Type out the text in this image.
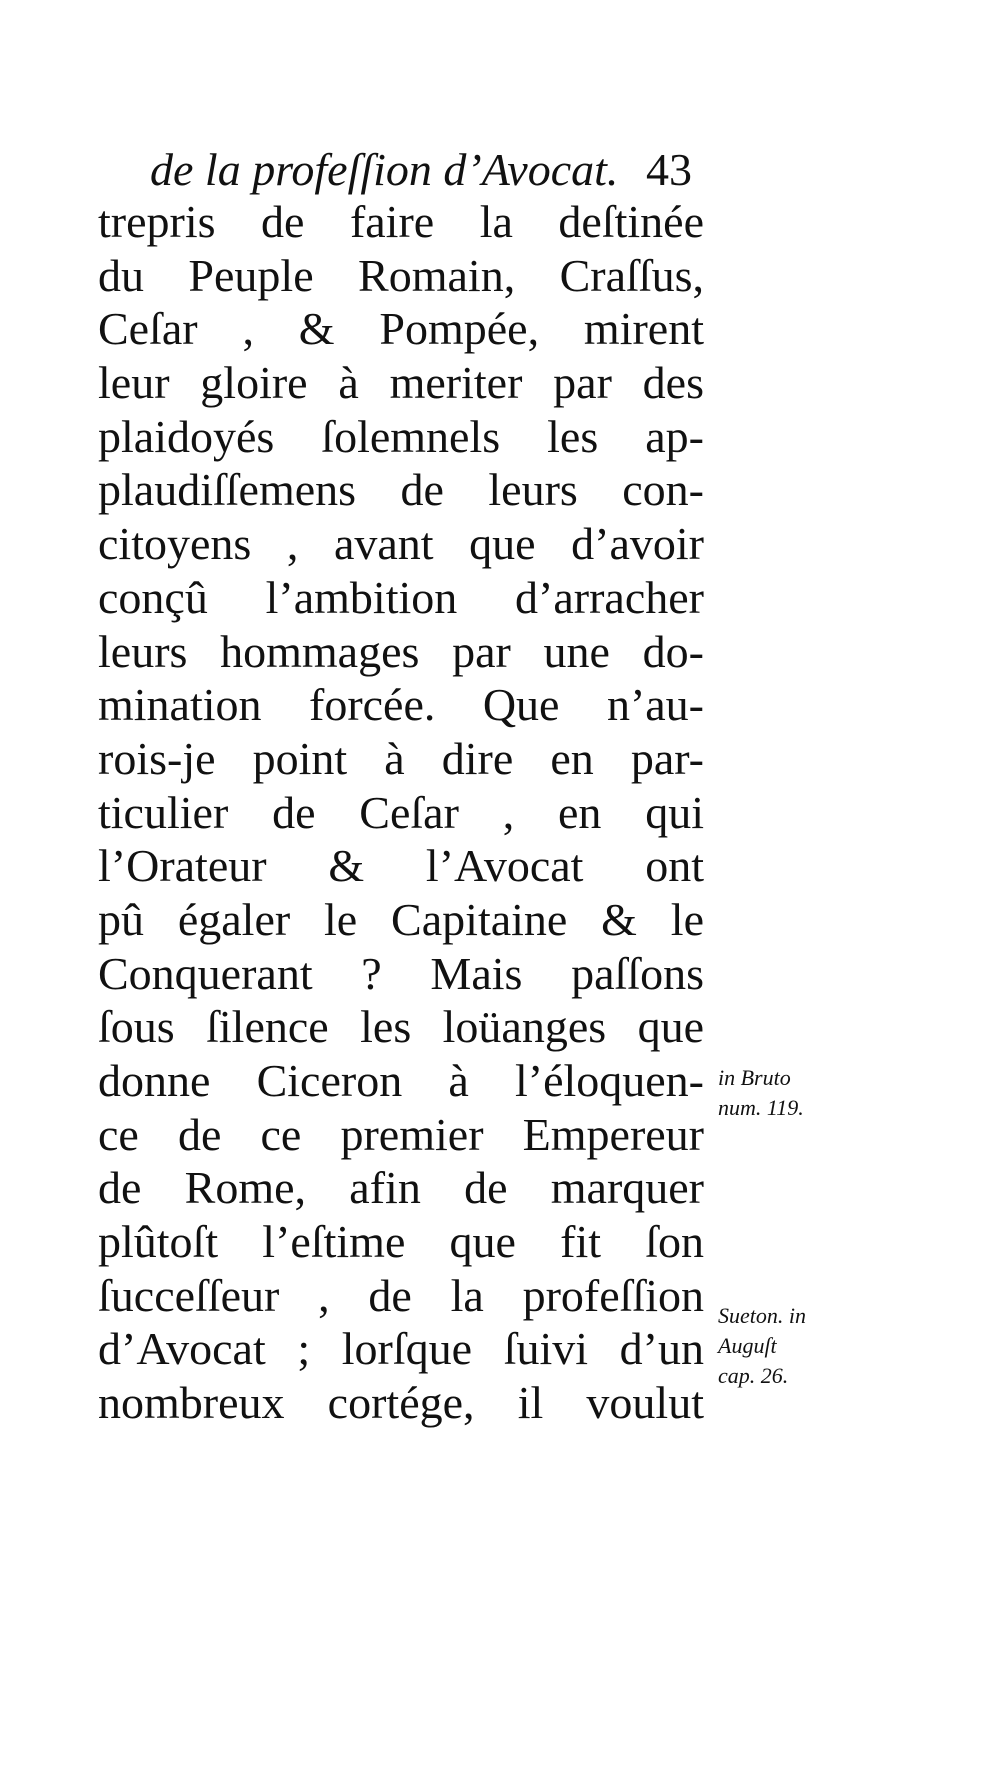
de la profeſſion d’Avocat. 43
trepris de faire la deſtinée
du Peuple Romain, Craſſus,
Ceſar , & Pompée, mirent
leur gloire à meriter par des
plaidoyés ſolemnels les ap-
plaudiſſemens de leurs con-
citoyens , avant que d’avoir
conçû l’ambition d’arracher
leurs hommages par une do-
mination forcée. Que n’au-
rois-je point à dire en par-
ticulier de Ceſar , en qui
l’Orateur & l’Avocat ont
pû égaler le Capitaine & le
Conquerant ? Mais paſſons
ſous ſilence les loüanges que
donne Ciceron à l’éloquen-
ce de ce premier Empereur
de Rome, afin de marquer
plûtoſt l’eſtime que fit ſon
ſucceſſeur , de la profeſſion
d’Avocat ; lorſque ſuivi d’un
nombreux cortége, il voulut
in Bruto
num. 119.
Sueton. in
Auguſt
cap. 26.
